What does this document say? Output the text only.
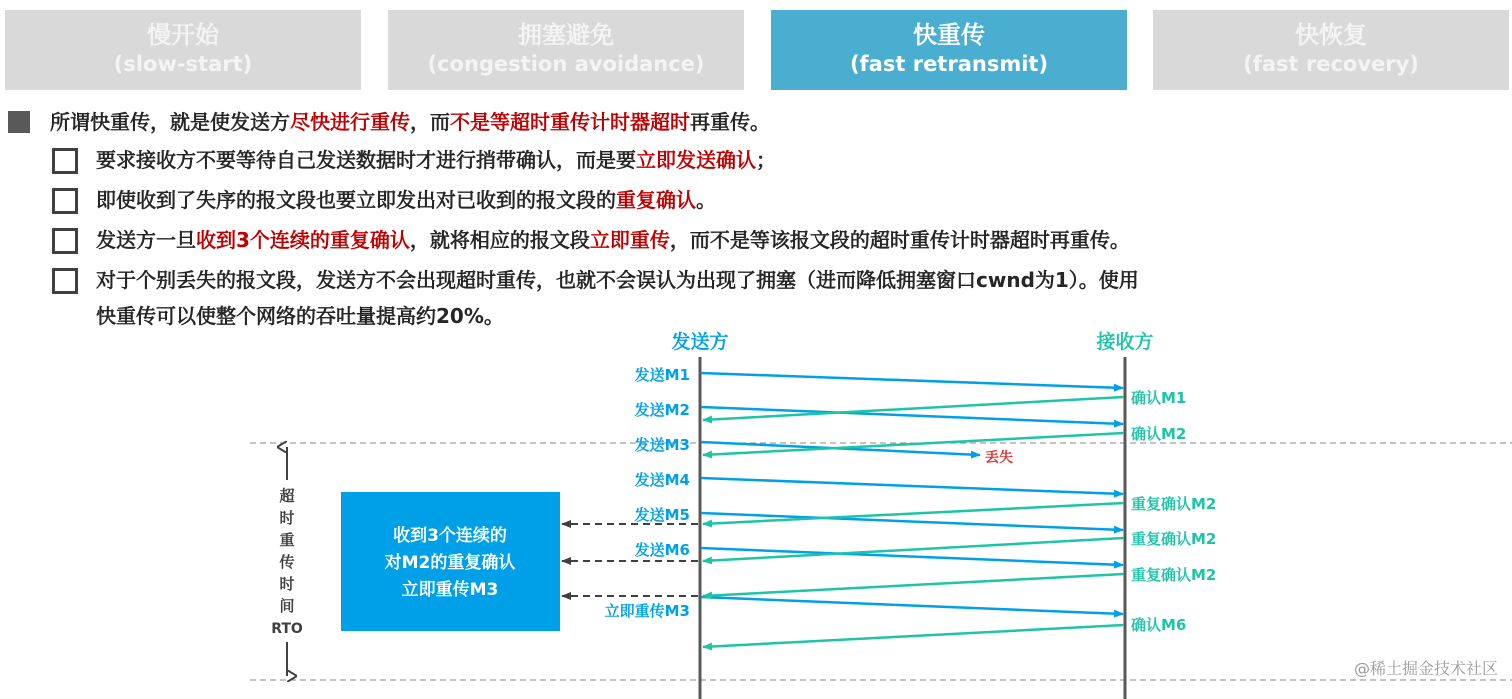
慢开始
(slow-start)
拥塞避免
(congestion avoidance)
快重传
(fast retransmit)
快恢复
(fast recovery)
所谓快重传，就是使发送方尽快进行重传，而不是等超时重传计时器超时再重传。
要求接收方不要等待自己发送数据时才进行捎带确认，而是要立即发送确认；
即使收到了失序的报文段也要立即发出对已收到的报文段的重复确认。
发送方一旦收到3个连续的重复确认，就将相应的报文段立即重传，而不是等该报文段的超时重传计时器超时再重传。
对于个别丢失的报文段，发送方不会出现超时重传，也就不会误认为出现了拥塞（进而降低拥塞窗口cwnd为1）。使用
快重传可以使整个网络的吞吐量提高约20%。
超
时
重
传
时
间
RTO
发送方	接收方
收到3个连续的
对M2的重复确认
立即重传M3
发送M1
发送M2
发送M3
发送M4
发送M5
发送M6
立即重传M3
确认M1
确认M2
重复确认M2
重复确认M2
重复确认M2
确认M6
丢失
@稀土掘金技术社区
